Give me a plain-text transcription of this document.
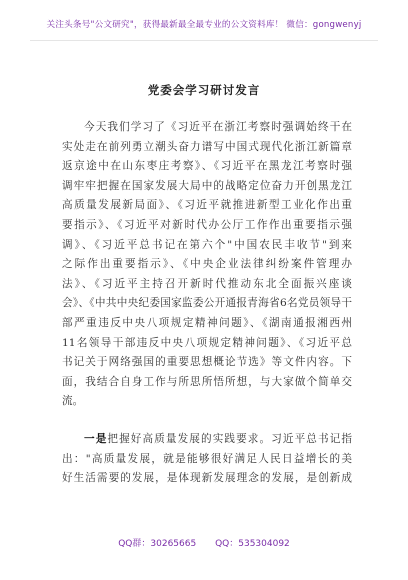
关注头条号"公文研究"，获得最新最全最专业的公文资料库！ 微信：gongwenyj
党委会学习研讨发言
今天我们学习了《习近平在浙江考察时强调始终干在
实处走在前列勇立潮头奋力谱写中国式现代化浙江新篇章
返京途中在山东枣庄考察》、《习近平在黑龙江考察时强
调牢牢把握在国家发展大局中的战略定位奋力开创黑龙江
高质量发展新局面》、《习近平就推进新型工业化作出重
要指示》、《习近平对新时代办公厅工作作出重要指示强
调》、《习近平总书记在第六个"中国农民丰收节"到来
之际作出重要指示》、《中央企业法律纠纷案件管理办
法》、《习近平主持召开新时代推动东北全面振兴座谈
会》、《中共中央纪委国家监委公开通报青海省6名党员领导干
部严重违反中央八项规定精神问题》、《湖南通报湘西州
11名领导干部违反中央八项规定精神问题》、《习近平总
书记关于网络强国的重要思想概论节选》等文件内容。下
面，我结合自身工作与所思所悟所想，与大家做个简单交
流。
一是把握好高质量发展的实践要求。习近平总书记指
出："高质量发展，就是能够很好满足人民日益增长的美
好生活需要的发展，是体现新发展理念的发展，是创新成
QQ群：30265665 QQ：535304092
